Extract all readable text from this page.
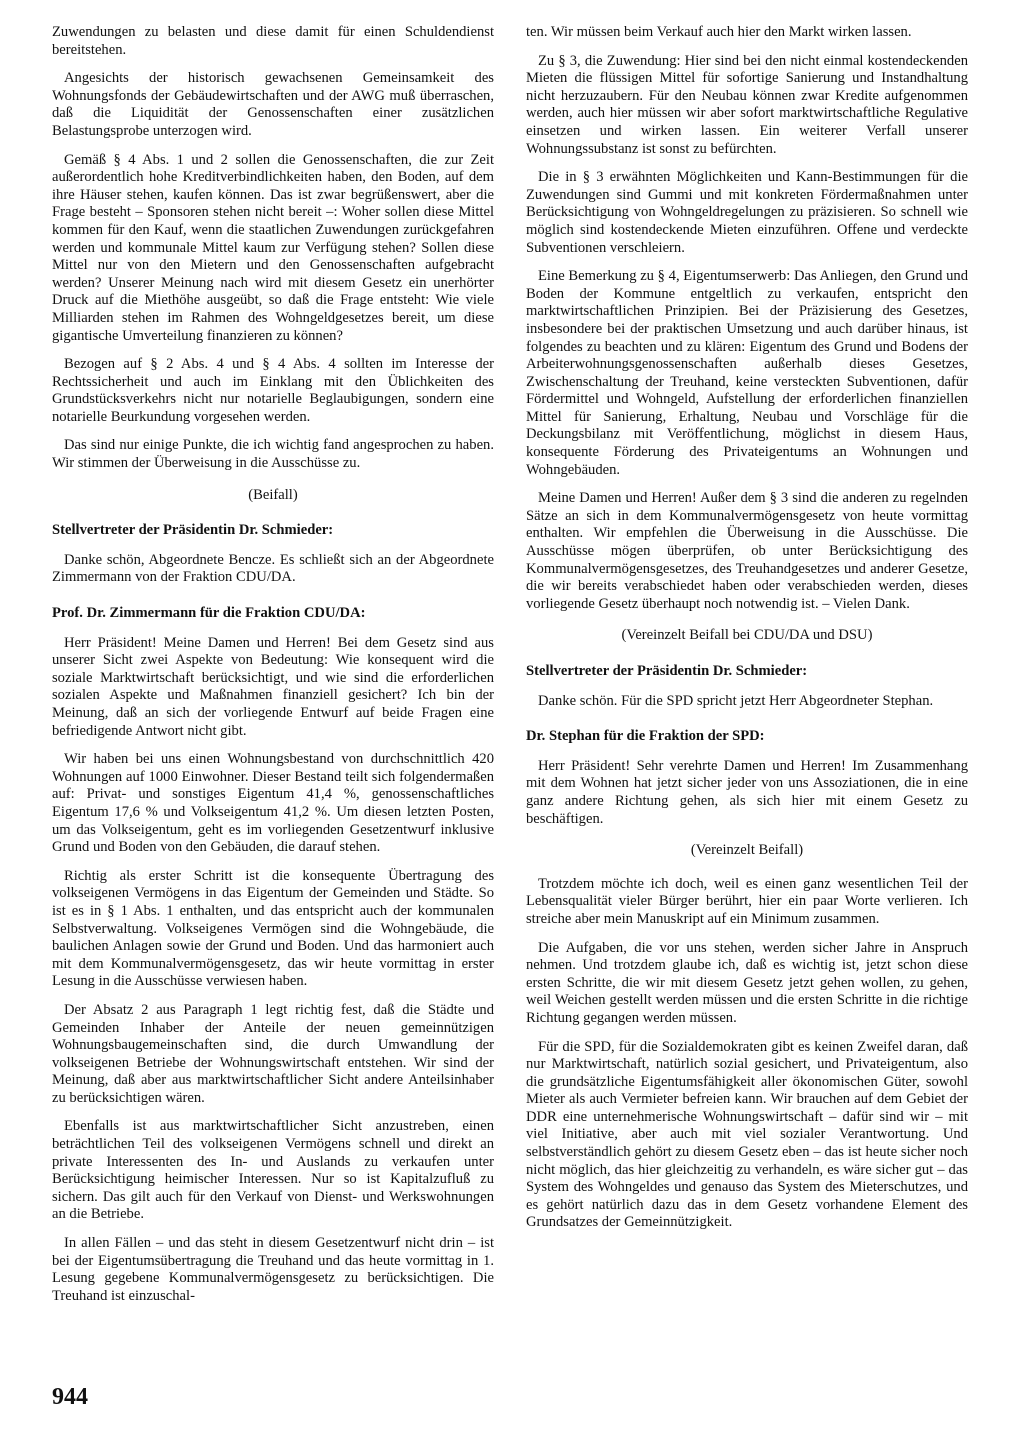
Zuwendungen zu belasten und diese damit für einen Schuldendienst bereitstehen.

Angesichts der historisch gewachsenen Gemeinsamkeit des Wohnungsfonds der Gebäudewirtschaften und der AWG muß überraschen, daß die Liquidität der Genossenschaften einer zusätzlichen Belastungsprobe unterzogen wird.

Gemäß § 4 Abs. 1 und 2 sollen die Genossenschaften, die zur Zeit außerordentlich hohe Kreditverbindlichkeiten haben, den Boden, auf dem ihre Häuser stehen, kaufen können. Das ist zwar begrüßenswert, aber die Frage besteht – Sponsoren stehen nicht bereit –: Woher sollen diese Mittel kommen für den Kauf, wenn die staatlichen Zuwendungen zurückgefahren werden und kommunale Mittel kaum zur Verfügung stehen? Sollen diese Mittel nur von den Mietern und den Genossenschaften aufgebracht werden? Unserer Meinung nach wird mit diesem Gesetz ein unerhörter Druck auf die Miethöhe ausgeübt, so daß die Frage entsteht: Wie viele Milliarden stehen im Rahmen des Wohngeldgesetzes bereit, um diese gigantische Umverteilung finanzieren zu können?

Bezogen auf § 2 Abs. 4 und § 4 Abs. 4 sollten im Interesse der Rechtssicherheit und auch im Einklang mit den Üblichkeiten des Grundstücksverkehrs nicht nur notarielle Beglaubigungen, sondern eine notarielle Beurkundung vorgesehen werden.

Das sind nur einige Punkte, die ich wichtig fand angesprochen zu haben. Wir stimmen der Überweisung in die Ausschüsse zu.

(Beifall)

Stellvertreter der Präsidentin Dr. Schmieder:

Danke schön, Abgeordnete Bencze. Es schließt sich an der Abgeordnete Zimmermann von der Fraktion CDU/DA.

Prof. Dr. Zimmermann für die Fraktion CDU/DA:

Herr Präsident! Meine Damen und Herren! Bei dem Gesetz sind aus unserer Sicht zwei Aspekte von Bedeutung: Wie konsequent wird die soziale Marktwirtschaft berücksichtigt, und wie sind die erforderlichen sozialen Aspekte und Maßnahmen finanziell gesichert? Ich bin der Meinung, daß an sich der vorliegende Entwurf auf beide Fragen eine befriedigende Antwort nicht gibt.

Wir haben bei uns einen Wohnungsbestand von durchschnittlich 420 Wohnungen auf 1000 Einwohner. Dieser Bestand teilt sich folgendermaßen auf: Privat- und sonstiges Eigentum 41,4 %, genossenschaftliches Eigentum 17,6 % und Volkseigentum 41,2 %. Um diesen letzten Posten, um das Volkseigentum, geht es im vorliegenden Gesetzentwurf inklusive Grund und Boden von den Gebäuden, die darauf stehen.

Richtig als erster Schritt ist die konsequente Übertragung des volkseigenen Vermögens in das Eigentum der Gemeinden und Städte. So ist es in § 1 Abs. 1 enthalten, und das entspricht auch der kommunalen Selbstverwaltung. Volkseigenes Vermögen sind die Wohngebäude, die baulichen Anlagen sowie der Grund und Boden. Und das harmoniert auch mit dem Kommunalvermögensgesetz, das wir heute vormittag in erster Lesung in die Ausschüsse verwiesen haben.

Der Absatz 2 aus Paragraph 1 legt richtig fest, daß die Städte und Gemeinden Inhaber der Anteile der neuen gemeinnützigen Wohnungsbaugemeinschaften sind, die durch Umwandlung der volkseigenen Betriebe der Wohnungswirtschaft entstehen. Wir sind der Meinung, daß aber aus marktwirtschaftlicher Sicht andere Anteilsinhaber zu berücksichtigen wären.

Ebenfalls ist aus marktwirtschaftlicher Sicht anzustreben, einen beträchtlichen Teil des volkseigenen Vermögens schnell und direkt an private Interessenten des In- und Auslands zu verkaufen unter Berücksichtigung heimischer Interessen. Nur so ist Kapitalzufluß zu sichern. Das gilt auch für den Verkauf von Dienst- und Werkswohnungen an die Betriebe.

In allen Fällen – und das steht in diesem Gesetzentwurf nicht drin – ist bei der Eigentumsübertragung die Treuhand und das heute vormittag in 1. Lesung gegebene Kommunalvermögensgesetz zu berücksichtigen. Die Treuhand ist einzuschal-

ten. Wir müssen beim Verkauf auch hier den Markt wirken lassen.

Zu § 3, die Zuwendung: Hier sind bei den nicht einmal kostendeckenden Mieten die flüssigen Mittel für sofortige Sanierung und Instandhaltung nicht herzuzaubern. Für den Neubau können zwar Kredite aufgenommen werden, auch hier müssen wir aber sofort marktwirtschaftliche Regulative einsetzen und wirken lassen. Ein weiterer Verfall unserer Wohnungssubstanz ist sonst zu befürchten.

Die in § 3 erwähnten Möglichkeiten und Kann-Bestimmungen für die Zuwendungen sind Gummi und mit konkreten Fördermaßnahmen unter Berücksichtigung von Wohngeldregelungen zu präzisieren. So schnell wie möglich sind kostendeckende Mieten einzuführen. Offene und verdeckte Subventionen verschleiern.

Eine Bemerkung zu § 4, Eigentumserwerb: Das Anliegen, den Grund und Boden der Kommune entgeltlich zu verkaufen, entspricht den marktwirtschaftlichen Prinzipien. Bei der Präzisierung des Gesetzes, insbesondere bei der praktischen Umsetzung und auch darüber hinaus, ist folgendes zu beachten und zu klären: Eigentum des Grund und Bodens der Arbeiterwohnungsgenossenschaften außerhalb dieses Gesetzes, Zwischenschaltung der Treuhand, keine versteckten Subventionen, dafür Fördermittel und Wohngeld, Aufstellung der erforderlichen finanziellen Mittel für Sanierung, Erhaltung, Neubau und Vorschläge für die Deckungsbilanz mit Veröffentlichung, möglichst in diesem Haus, konsequente Förderung des Privateigentums an Wohnungen und Wohngebäuden.

Meine Damen und Herren! Außer dem § 3 sind die anderen zu regelnden Sätze an sich in dem Kommunalvermögensgesetz von heute vormittag enthalten. Wir empfehlen die Überweisung in die Ausschüsse. Die Ausschüsse mögen überprüfen, ob unter Berücksichtigung des Kommunalvermögensgesetzes, des Treuhandgesetzes und anderer Gesetze, die wir bereits verabschiedet haben oder verabschieden werden, dieses vorliegende Gesetz überhaupt noch notwendig ist. – Vielen Dank.

(Vereinzelt Beifall bei CDU/DA und DSU)

Stellvertreter der Präsidentin Dr. Schmieder:

Danke schön. Für die SPD spricht jetzt Herr Abgeordneter Stephan.

Dr. Stephan für die Fraktion der SPD:

Herr Präsident! Sehr verehrte Damen und Herren! Im Zusammenhang mit dem Wohnen hat jetzt sicher jeder von uns Assoziationen, die in eine ganz andere Richtung gehen, als sich hier mit einem Gesetz zu beschäftigen.

(Vereinzelt Beifall)

Trotzdem möchte ich doch, weil es einen ganz wesentlichen Teil der Lebensqualität vieler Bürger berührt, hier ein paar Worte verlieren. Ich streiche aber mein Manuskript auf ein Minimum zusammen.

Die Aufgaben, die vor uns stehen, werden sicher Jahre in Anspruch nehmen. Und trotzdem glaube ich, daß es wichtig ist, jetzt schon diese ersten Schritte, die wir mit diesem Gesetz jetzt gehen wollen, zu gehen, weil Weichen gestellt werden müssen und die ersten Schritte in die richtige Richtung gegangen werden müssen.

Für die SPD, für die Sozialdemokraten gibt es keinen Zweifel daran, daß nur Marktwirtschaft, natürlich sozial gesichert, und Privateigentum, also die grundsätzliche Eigentumsfähigkeit aller ökonomischen Güter, sowohl Mieter als auch Vermieter befreien kann. Wir brauchen auf dem Gebiet der DDR eine unternehmerische Wohnungswirtschaft – dafür sind wir – mit viel Initiative, aber auch mit viel sozialer Verantwortung. Und selbstverständlich gehört zu diesem Gesetz eben – das ist heute sicher noch nicht möglich, das hier gleichzeitig zu verhandeln, es wäre sicher gut – das System des Wohngeldes und genauso das System des Mieterschutzes, und es gehört natürlich dazu das in dem Gesetz vorhandene Element des Grundsatzes der Gemeinnützigkeit.

944
